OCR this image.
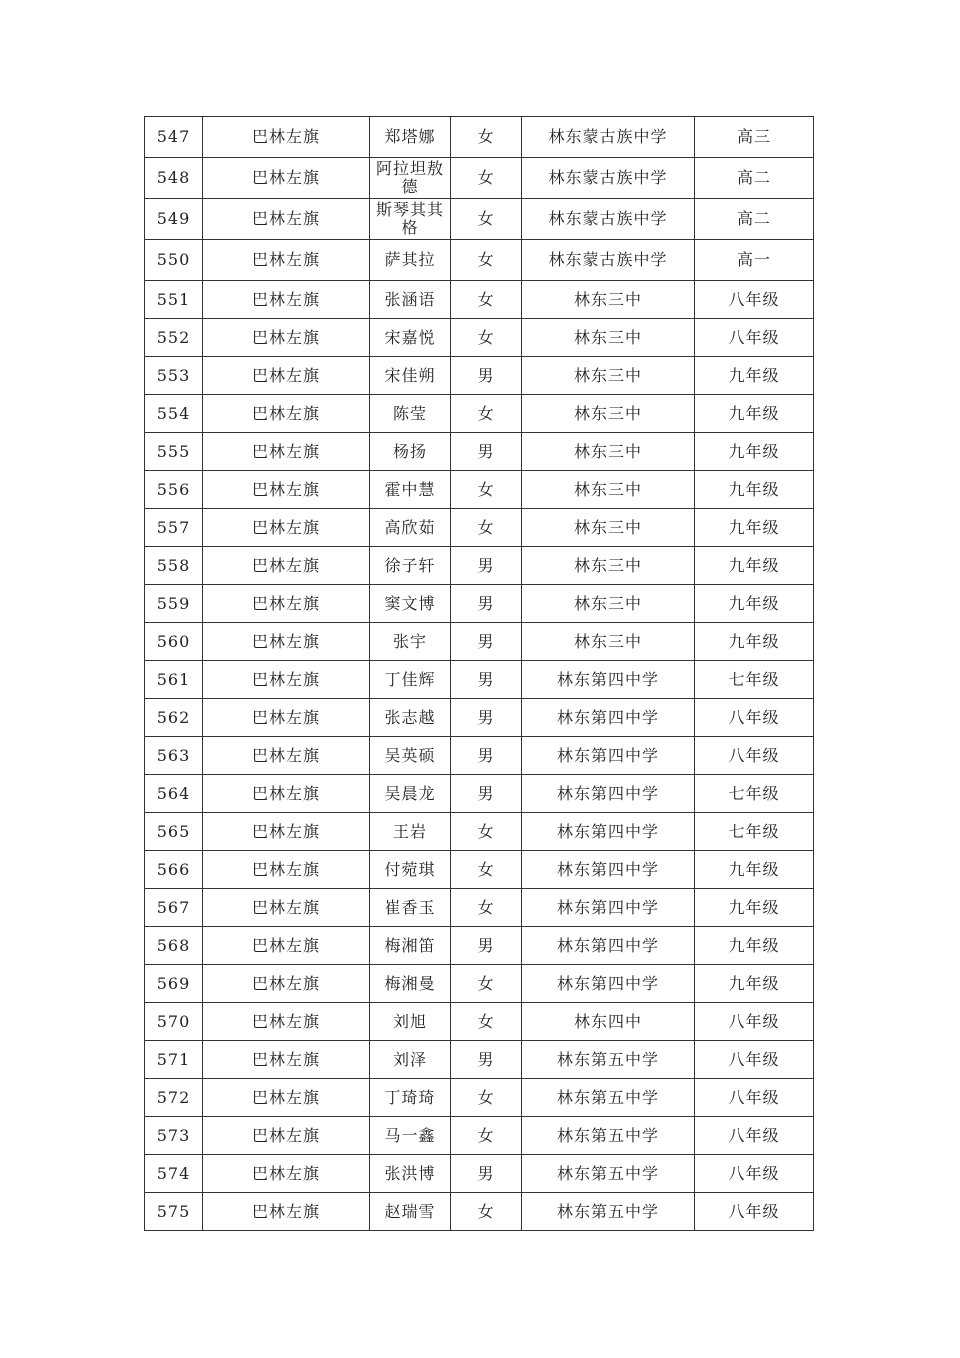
547	巴林左旗	郑塔娜	女	林东蒙古族中学	高三
548	巴林左旗	阿拉坦敖德	女	林东蒙古族中学	高二
549	巴林左旗	斯琴其其格	女	林东蒙古族中学	高二
550	巴林左旗	萨其拉	女	林东蒙古族中学	高一
551	巴林左旗	张涵语	女	林东三中	八年级
552	巴林左旗	宋嘉悦	女	林东三中	八年级
553	巴林左旗	宋佳朔	男	林东三中	九年级
554	巴林左旗	陈莹	女	林东三中	九年级
555	巴林左旗	杨扬	男	林东三中	九年级
556	巴林左旗	霍中慧	女	林东三中	九年级
557	巴林左旗	高欣茹	女	林东三中	九年级
558	巴林左旗	徐子轩	男	林东三中	九年级
559	巴林左旗	窦文博	男	林东三中	九年级
560	巴林左旗	张宇	男	林东三中	九年级
561	巴林左旗	丁佳辉	男	林东第四中学	七年级
562	巴林左旗	张志越	男	林东第四中学	八年级
563	巴林左旗	吴英硕	男	林东第四中学	八年级
564	巴林左旗	吴晨龙	男	林东第四中学	七年级
565	巴林左旗	王岩	女	林东第四中学	七年级
566	巴林左旗	付菀琪	女	林东第四中学	九年级
567	巴林左旗	崔香玉	女	林东第四中学	九年级
568	巴林左旗	梅湘笛	男	林东第四中学	九年级
569	巴林左旗	梅湘曼	女	林东第四中学	九年级
570	巴林左旗	刘旭	女	林东四中	八年级
571	巴林左旗	刘泽	男	林东第五中学	八年级
572	巴林左旗	丁琦琦	女	林东第五中学	八年级
573	巴林左旗	马一鑫	女	林东第五中学	八年级
574	巴林左旗	张洪博	男	林东第五中学	八年级
575	巴林左旗	赵瑞雪	女	林东第五中学	八年级
